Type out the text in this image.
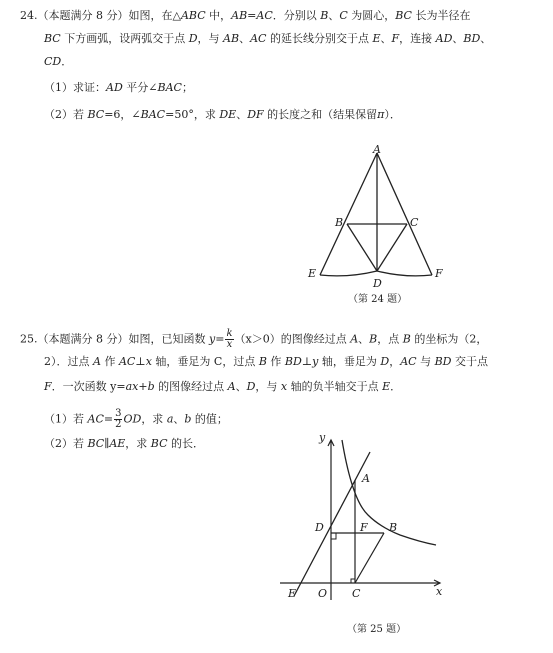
24.（本题满分 8 分）如图，在△ABC 中，AB=AC．分别以 B、C 为圆心，BC 长为半径在
BC 下方画弧，设两弧交于点 D，与 AB、AC 的延长线分别交于点 E、F，连接 AD、BD、
CD．
（1）求证：AD 平分∠BAC；
（2）若 BC=6，∠BAC=50°，求 DE、DF 的长度之和（结果保留π）．
A
B	C
D
E	F
（第 24 题）
25.（本题满分 8 分）如图，已知函数 $y= \frac{k}{x} (x>0)$的图像经过点 A、B，点 B 的坐标为（2，
2）．过点 A 作 AC⊥x 轴，垂足为 C，过点 B 作 BD⊥y 轴，垂足为 D，AC 与 BD 交于点
F．一次函数 y=ax+b 的图像经过点 A、D，与 x 轴的负半轴交于点 E．
（1）若 $AC= \frac{3}{2}$ OD，求 a、b 的值；
（2）若 BC∥AE，求 BC 的长．	y
x
A
B
F
D
E O C
（第 25 题）
